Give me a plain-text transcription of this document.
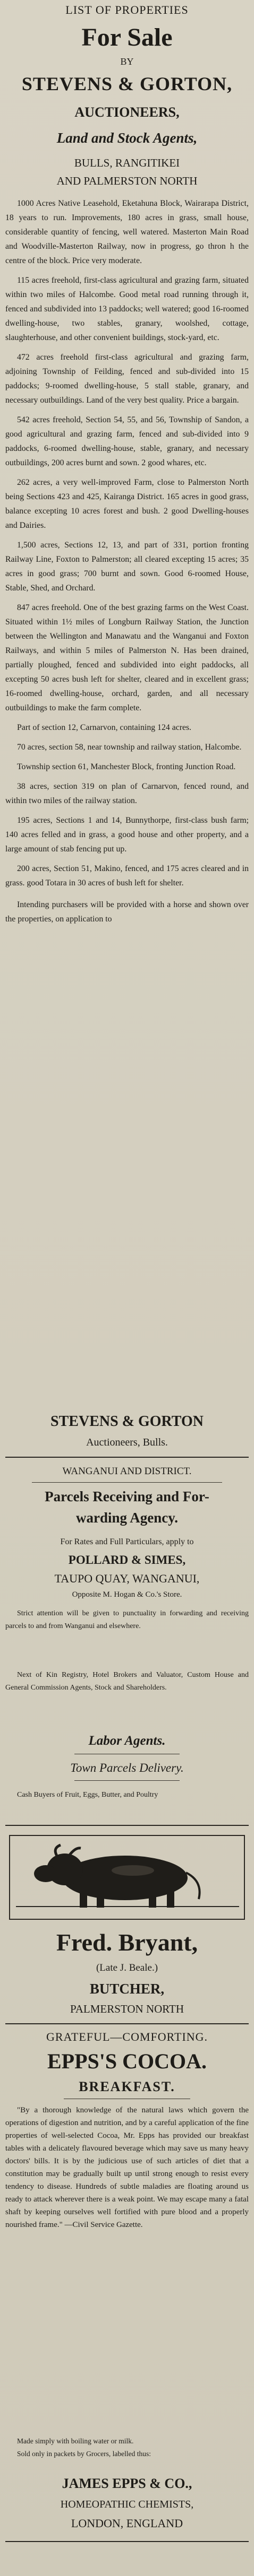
LIST OF PROPERTIES
For Sale
BY
STEVENS & GORTON,
AUCTIONEERS,
Land and Stock Agents,
BULLS, RANGITIKEI
AND PALMERSTON NORTH

1000 Acres Native Leasehold, Eketahuna Block, Wairarapa District, 18 years to run. Improvements, 180 acres in grass, small house, considerable quantity of fencing, well watered. Masterton Main Road and Woodville-Masterton Railway, now in progress, go thron h the centre of the block. Price very moderate.

115 acres freehold, first-class agricultural and grazing farm, situated within two miles of Halcombe. Good metal road running through it, fenced and subdivided into 13 paddocks; well watered; good 16-roomed dwelling-house, two stables, granary, woolshed, cottage, slaughterhouse, and other convenient buildings, stock-yard, etc.

472 acres freehold first-class agricultural and grazing farm, adjoining Township of Feilding, fenced and sub-divided into 15 paddocks; 9-roomed dwelling-house, 5 stall stable, granary, and necessary outbuildings. Land of the very best quality. Price a bargain.

542 acres freehold, Section 54, 55, and 56, Township of Sandon, a good agricultural and grazing farm, fenced and sub-divided into 9 paddocks, 6-roomed dwelling-house, stable, granary, and necessary outbuildings, 200 acres burnt and sown. 2 good whares, etc.

262 acres, a very well-improved Farm, close to Palmerston North being Sections 423 and 425, Kairanga District. 165 acres in good grass, balance excepting 10 acres forest and bush. 2 good Dwelling-houses and Dairies.

1,500 acres, Sections 12, 13, and part of 331, portion fronting Railway Line, Foxton to Palmerston; all cleared excepting 15 acres; 35 acres in good grass; 700 burnt and sown. Good 6-roomed House, Stable, Shed, and Orchard.

847 acres freehold. One of the best grazing farms on the West Coast. Situated within 1½ miles of Longburn Railway Station, the Junction between the Wellington and Manawatu and the Wanganui and Foxton Railways, and within 5 miles of Palmerston N. Has been drained, partially ploughed, fenced and subdivided into eight paddocks, all excepting 50 acres bush left for shelter, cleared and in excellent grass; 16-roomed dwelling-house, orchard, garden, and all necessary outbuildings to make the farm complete.

Part of section 12, Carnarvon, containing 124 acres.

70 acres, section 58, near township and railway station, Halcombe.

Township section 61, Manchester Block, fronting Junction Road.

38 acres, section 319 on plan of Carnarvon, fenced round, and within two miles of the railway station.

195 acres, Sections 1 and 14, Bunnythorpe, first-class bush farm; 140 acres felled and in grass, a good house and other property, and a large amount of stab fencing put up.

200 acres, Section 51, Makino, fenced, and 175 acres cleared and in grass. good Totara in 30 acres of bush left for shelter.

Intending purchasers will be provided with a horse and shown over the properties, on application to

STEVENS & GORTON
Auctioneers, Bulls.
WANGANUI AND DISTRICT.
Parcels Receiving and For-
warding Agency.
For Rates and Full Particulars, apply to
POLLARD & SIMES,
TAUPO QUAY, WANGANUI,
Opposite M. Hogan & Co.'s Store.

Strict attention will be given to punctuality in forwarding and receiving parcels to and from Wanganui and elsewhere.

Next of Kin Registry, Hotel Brokers and Valuator, Custom House and General Commission Agents, Stock and Shareholders.

Labor Agents.
Town Parcels Delivery.

Cash Buyers of Fruit, Eggs, Butter, and Poultry

Fred. Bryant,
(Late J. Beale.)
BUTCHER,
PALMERSTON NORTH
GRATEFUL—COMFORTING.
EPPS'S COCOA.
BREAKFAST.

"By a thorough knowledge of the natural laws which govern the operations of digestion and nutrition, and by a careful application of the fine properties of well-selected Cocoa, Mr. Epps has provided our breakfast tables with a delicately flavoured beverage which may save us many heavy doctors' bills. It is by the judicious use of such articles of diet that a constitution may be gradually built up until strong enough to resist every tendency to disease. Hundreds of subtle maladies are floating around us ready to attack wherever there is a weak point. We may escape many a fatal shaft by keeping ourselves well fortified with pure blood and a properly nourished frame." —Civil Service Gazette.

Made simply with boiling water or milk.

Sold only in packets by Grocers, labelled thus:

JAMES EPPS & CO.,
HOMEOPATHIC CHEMISTS,
LONDON, ENGLAND
